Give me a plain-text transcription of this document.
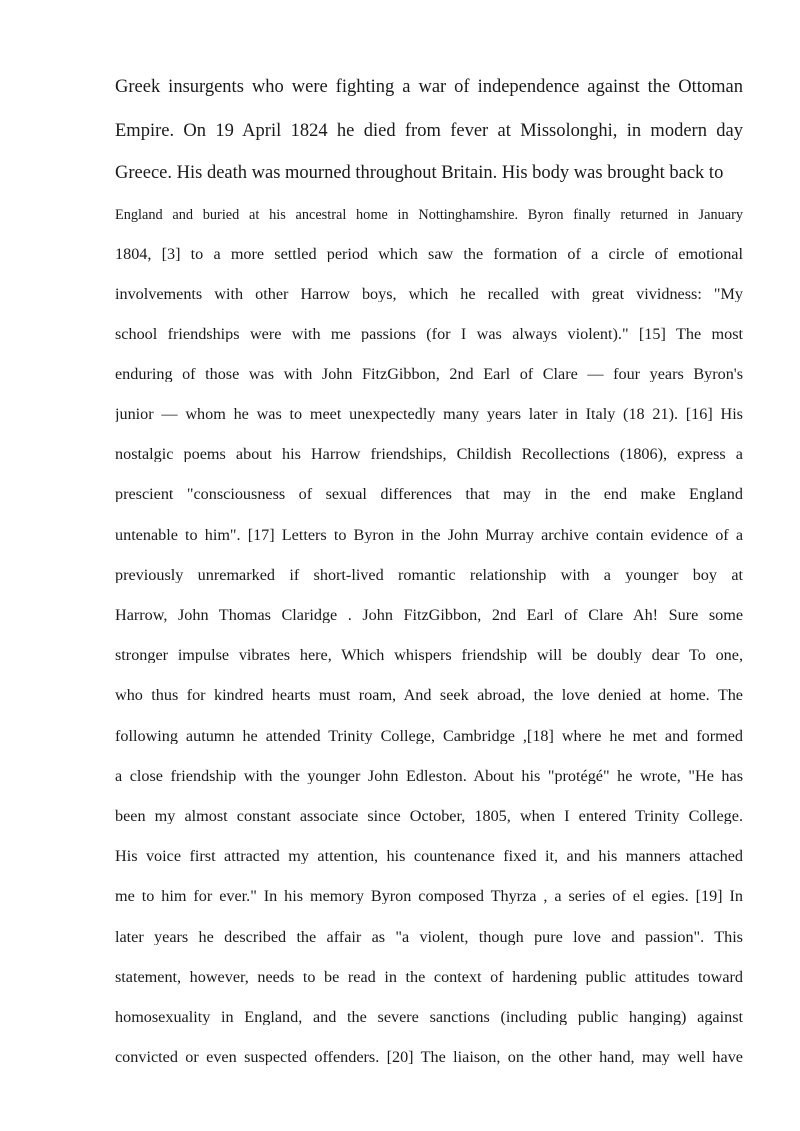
Greek insurgents who were fighting a war of independence against the Ottoman
Empire. On 19 April 1824 he died from fever at Missolonghi, in modern day
Greece. His death was mourned throughout Britain. His body was brought back to
England and buried at his ancestral home in Nottinghamshire. Byron finally returned in January
1804, [3] to a more settled period which saw the formation of a circle of emotional
involvements with other Harrow boys, which he recalled with great vividness: "My
school friendships were with me passions (for I was always violent)." [15] The most
enduring of those was with John FitzGibbon, 2nd Earl of Clare — four years Byron's
junior — whom he was to meet unexpectedly many years later in Italy (18 21). [16] His
nostalgic poems about his Harrow friendships, Childish Recollections (1806), express a
prescient "consciousness of sexual differences that may in the end make England
untenable to him". [17] Letters to Byron in the John Murray archive contain evidence of a
previously unremarked if short-lived romantic relationship with a younger boy at
Harrow, John Thomas Claridge . John FitzGibbon, 2nd Earl of Clare Ah! Sure some
stronger impulse vibrates here, Which whispers friendship will be doubly dear To one,
who thus for kindred hearts must roam, And seek abroad, the love denied at home. The
following autumn he attended Trinity College, Cambridge ,[18] where he met and formed
a close friendship with the younger John Edleston. About his "protégé" he wrote, "He has
been my almost constant associate since October, 1805, when I entered Trinity College.
His voice first attracted my attention, his countenance fixed it, and his manners attached
me to him for ever." In his memory Byron composed Thyrza , a series of el egies. [19] In
later years he described the affair as "a violent, though pure love and passion". This
statement, however, needs to be read in the context of hardening public attitudes toward
homosexuality in England, and the severe sanctions (including public hanging) against
convicted or even suspected offenders. [20] The liaison, on the other hand, may well have
